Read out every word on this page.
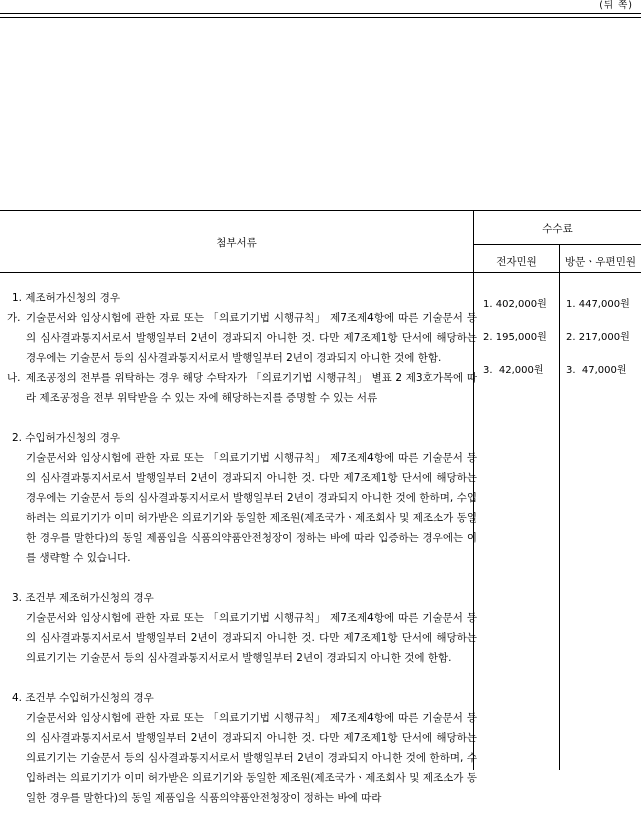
(뒤 쪽)
첨부서류
수수료
전자민원	방문ㆍ우편민원

1. 402,000원

2. 195,000원

3.  42,000원

1. 447,000원

2. 217,000원

3.  47,000원

1. 제조허가신청의 경우
가. 기술문서와 임상시험에 관한 자료 또는 「의료기기법 시행규칙」 제7조제4항에 따른 기술문서 등의 심사결과통지서로서 발행일부터 2년이 경과되지 아니한 것. 다만 제7조제1항 단서에 해당하는 경우에는 기술문서 등의 심사결과통지서로서 발행일부터 2년이 경과되지 아니한 것에 한함.
나. 제조공정의 전부를 위탁하는 경우 해당 수탁자가 「의료기기법 시행규칙」 별표 2 제3호가목에 따라 제조공정을 전부 위탁받을 수 있는 자에 해당하는지를 증명할 수 있는 서류
2. 수입허가신청의 경우
기술문서와 임상시험에 관한 자료 또는 「의료기기법 시행규칙」 제7조제4항에 따른 기술문서 등의 심사결과통지서로서 발행일부터 2년이 경과되지 아니한 것. 다만 제7조제1항 단서에 해당하는 경우에는 기술문서 등의 심사결과통지서로서 발행일부터 2년이 경과되지 아니한 것에 한하며, 수입하려는 의료기기가 이미 허가받은 의료기기와 동일한 제조원(제조국가ㆍ제조회사 및 제조소가 동일한 경우를 말한다)의 동일 제품임을 식품의약품안전청장이 정하는 바에 따라 입증하는 경우에는 이를 생략할 수 있습니다.
3. 조건부 제조허가신청의 경우
기술문서와 임상시험에 관한 자료 또는 「의료기기법 시행규칙」 제7조제4항에 따른 기술문서 등의 심사결과통지서로서 발행일부터 2년이 경과되지 아니한 것. 다만 제7조제1항 단서에 해당하는 의료기기는 기술문서 등의 심사결과통지서로서 발행일부터 2년이 경과되지 아니한 것에 한함.
4. 조건부 수입허가신청의 경우
기술문서와 임상시험에 관한 자료 또는 「의료기기법 시행규칙」 제7조제4항에 따른 기술문서 등의 심사결과통지서로서 발행일부터 2년이 경과되지 아니한 것. 다만 제7조제1항 단서에 해당하는 의료기기는 기술문서 등의 심사결과통지서로서 발행일부터 2년이 경과되지 아니한 것에 한하며, 수입하려는 의료기기가 이미 허가받은 의료기기와 동일한 제조원(제조국가ㆍ제조회사 및 제조소가 동일한 경우를 말한다)의 동일 제품임을 식품의약품안전청장이 정하는 바에 따라
